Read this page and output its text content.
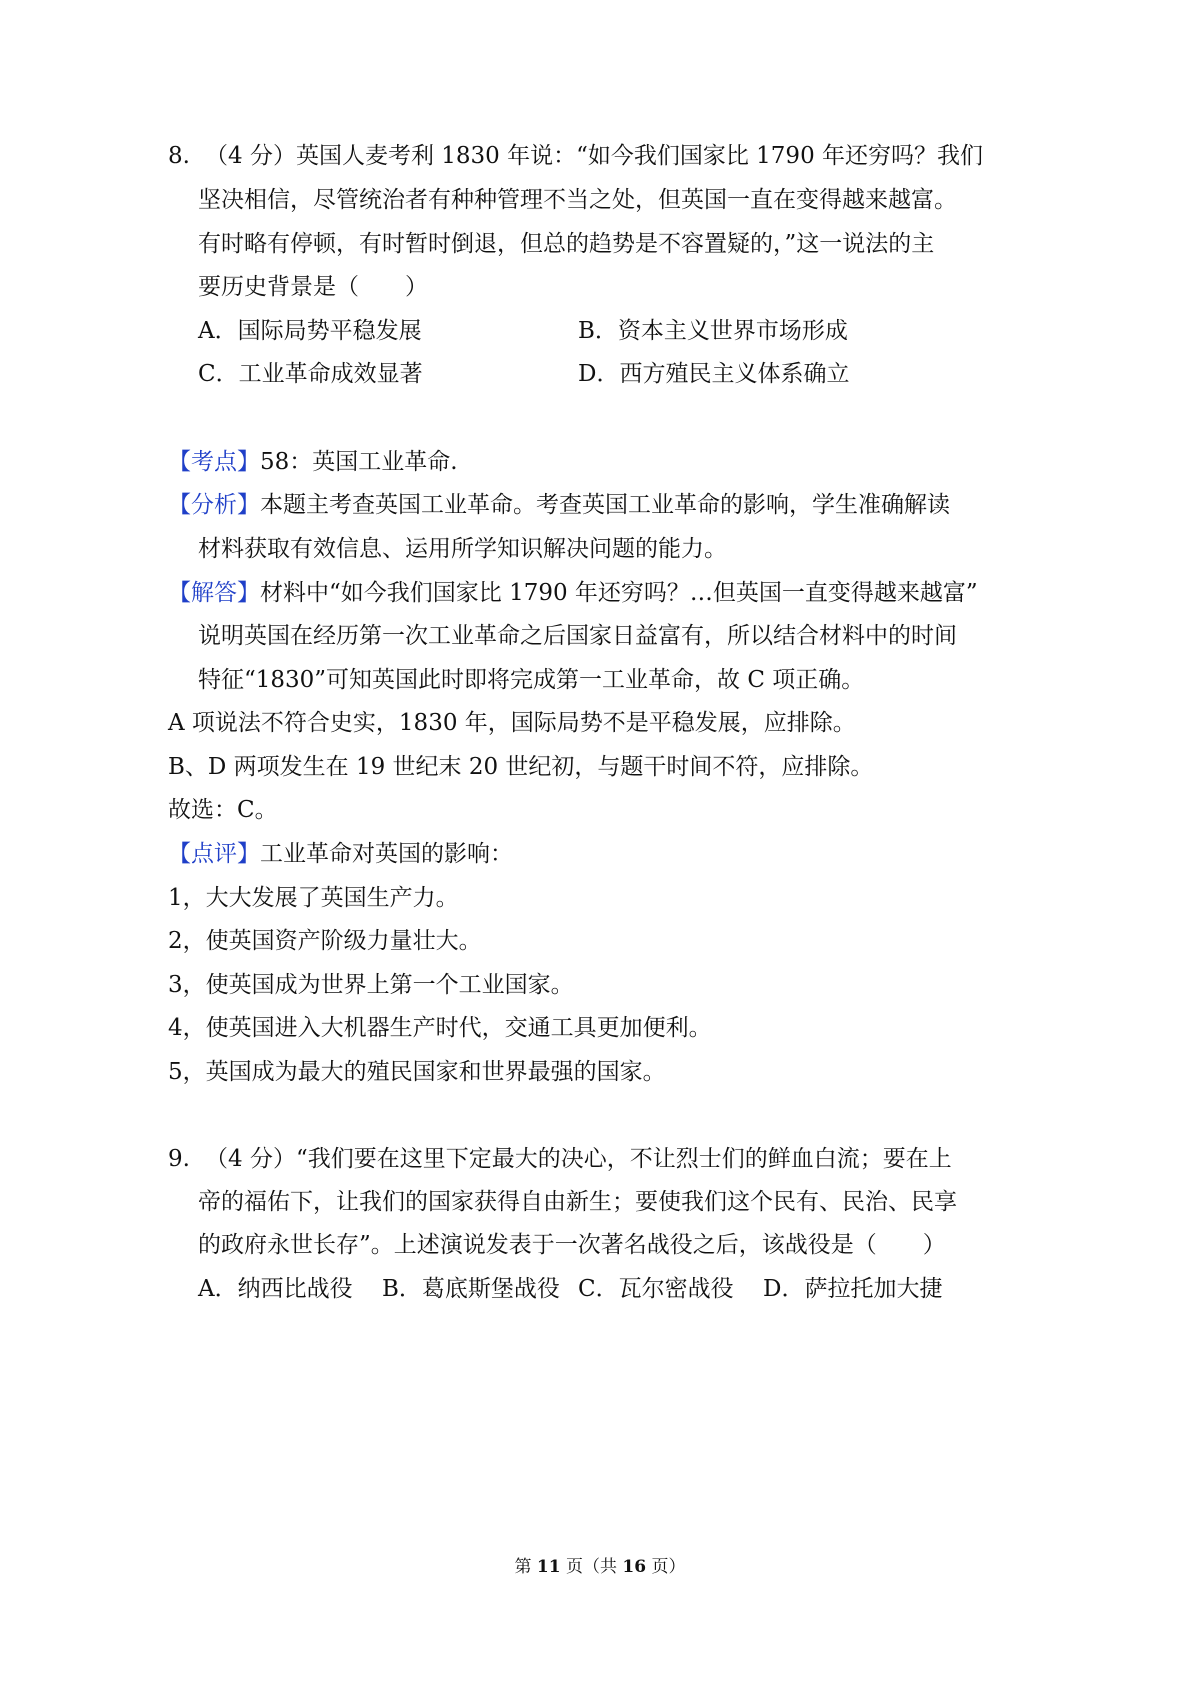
8. （4 分）英国人麦考利 1830 年说：“如今我们国家比 1790 年还穷吗？我们
坚决相信，尽管统治者有种种管理不当之处，但英国一直在变得越来越富。
有时略有停顿，有时暂时倒退，但总的趋势是不容置疑的，”这一说法的主
要历史背景是（　　）
A．国际局势平稳发展	B．资本主义世界市场形成
C．工业革命成效显著	D．西方殖民主义体系确立
【考点】58：英国工业革命.
【分析】本题主考查英国工业革命。考查英国工业革命的影响，学生准确解读
材料获取有效信息、运用所学知识解决问题的能力。
【解答】材料中“如今我们国家比 1790 年还穷吗？…但英国一直变得越来越富”
说明英国在经历第一次工业革命之后国家日益富有，所以结合材料中的时间
特征“1830”可知英国此时即将完成第一工业革命，故 C 项正确。
A 项说法不符合史实，1830 年，国际局势不是平稳发展，应排除。
B、D 两项发生在 19 世纪末 20 世纪初，与题干时间不符，应排除。
故选：C。
【点评】工业革命对英国的影响：
1，大大发展了英国生产力。
2，使英国资产阶级力量壮大。
3，使英国成为世界上第一个工业国家。
4，使英国进入大机器生产时代，交通工具更加便利。
5，英国成为最大的殖民国家和世界最强的国家。
9. （4 分）“我们要在这里下定最大的决心，不让烈士们的鲜血白流；要在上
帝的福佑下，让我们的国家获得自由新生；要使我们这个民有、民治、民享
的政府永世长存”。上述演说发表于一次著名战役之后，该战役是（　　）
A．纳西比战役 B．葛底斯堡战役 C．瓦尔密战役 D．萨拉托加大捷
第 11 页（共 16 页）
